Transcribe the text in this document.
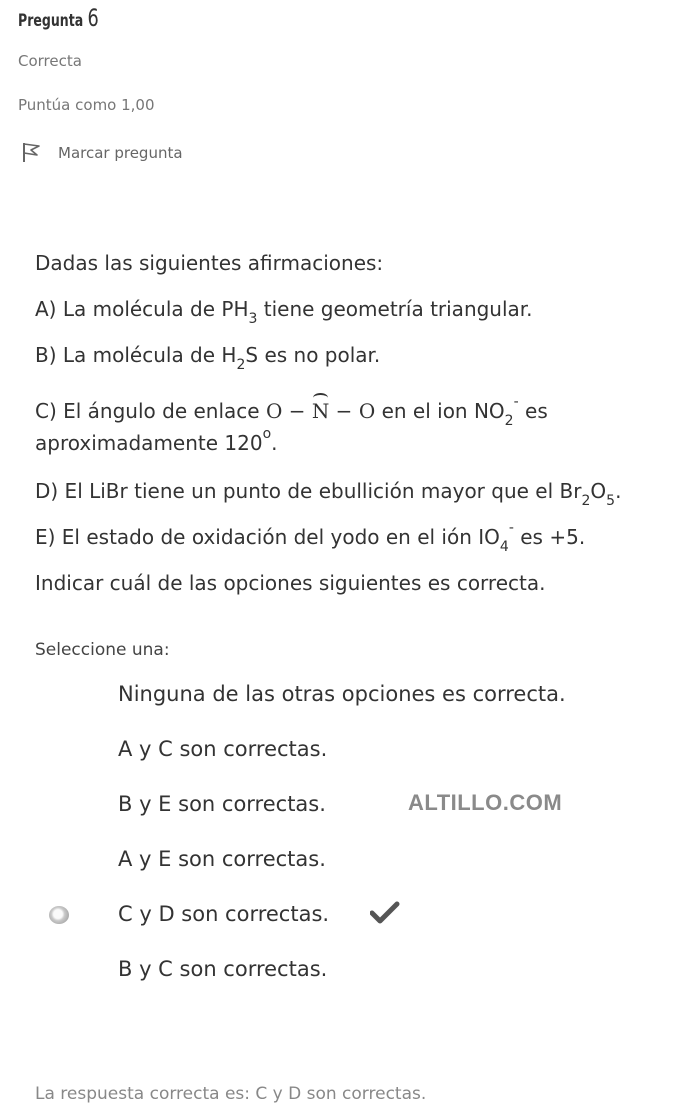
Pregunta 6
Correcta
Puntúa como 1,00
Marcar pregunta
Dadas las siguientes afirmaciones:
A) La molécula de $PH_3$ tiene geometría triangular.
B) La molécula de $H_2S$ es no polar.
C) El ángulo de enlace O − N − O en el ion $NO_2^-$ es
aproximadamente 120$^o$.
D) El LiBr tiene un punto de ebullición mayor que el $Br_2O_5$.
E) El estado de oxidación del yodo en el ión $IO_4^-$ es +5.
Indicar cuál de las opciones siguientes es correcta.
Seleccione una:
Ninguna de las otras opciones es correcta.
A y C son correctas.
B y E son correctas.
A y E son correctas.
C y D son correctas.
B y C son correctas.
ALTILLO.COM
La respuesta correcta es: C y D son correctas.
